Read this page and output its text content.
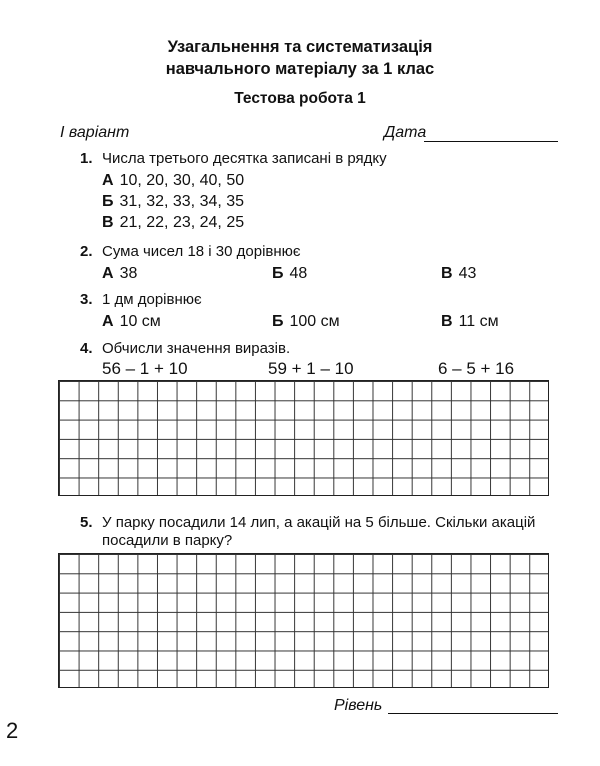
Узагальнення та систематизація
навчального матеріалу за 1 клас
Тестова робота 1
I варіант	Дата
1. Числа третього десятка записані в рядку
А 10, 20, 30, 40, 50
Б 31, 32, 33, 34, 35
В 21, 22, 23, 24, 25
2. Сума чисел 18 і 30 дорівнює
А 38	Б 48	В 43
3. 1 дм дорівнює
А 10 см	Б 100 см	В 11 см
4. Обчисли значення виразів.
56 – 1 + 10	59 + 1 – 10	6 – 5 + 16
5. У парку посадили 14 лип, а акацій на 5 більше. Скільки акацій
посадили в парку?
Рівень
2
